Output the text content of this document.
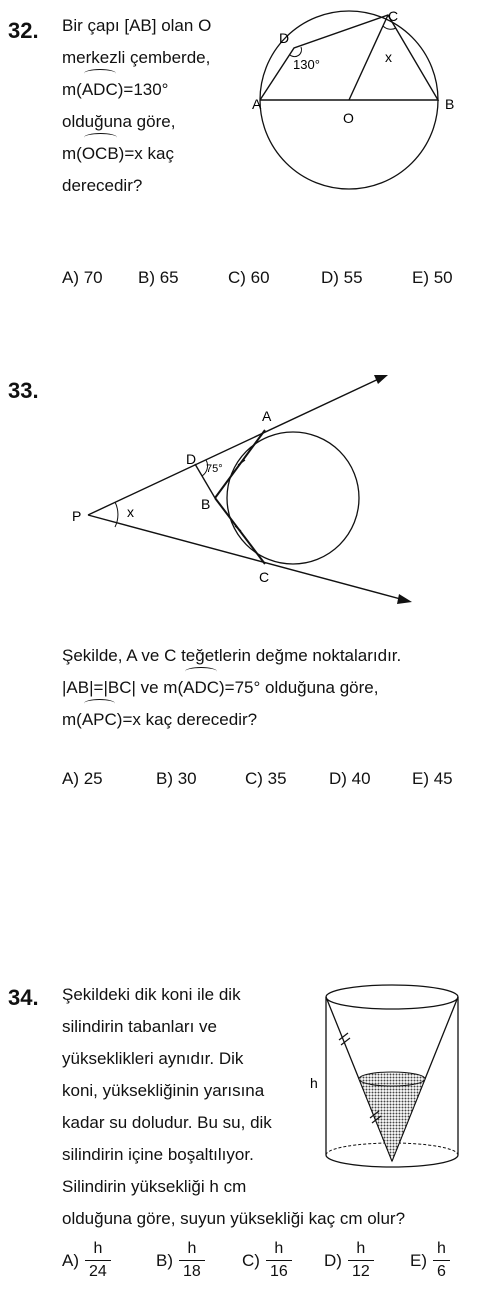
32. Bir çapı [AB] olan O
merkezli çemberde,
m(ADC)=130°
olduğuna göre,
m(OCB)=x kaç
derecedir?
A	B
C
D
O
130°	x
A) 70 B) 65	C) 60	D) 55	E) 50
33.
A
B
C
D
P
75°
x
Şekilde, A ve C teğetlerin değme noktalarıdır.
|AB|=|BC| ve m(ADC)=75° olduğuna göre,
m(APC)=x kaç derecedir?
A) 25	B) 30	C) 35 D) 40 E) 45
34. Şekildeki dik koni ile dik
silindirin tabanları ve
yükseklikleri aynıdır. Dik
koni, yüksekliğinin yarısına
kadar su doludur. Bu su, dik
silindirin içine boşaltılıyor.
Silindirin yüksekliği h cm
olduğuna göre, suyun yüksekliği kaç cm olur?
h
$A) \frac{h}{24}$	$B) \frac{h}{18} C) \frac{h}{16} D) \frac{h}{12} E) \frac{h}{6}$
